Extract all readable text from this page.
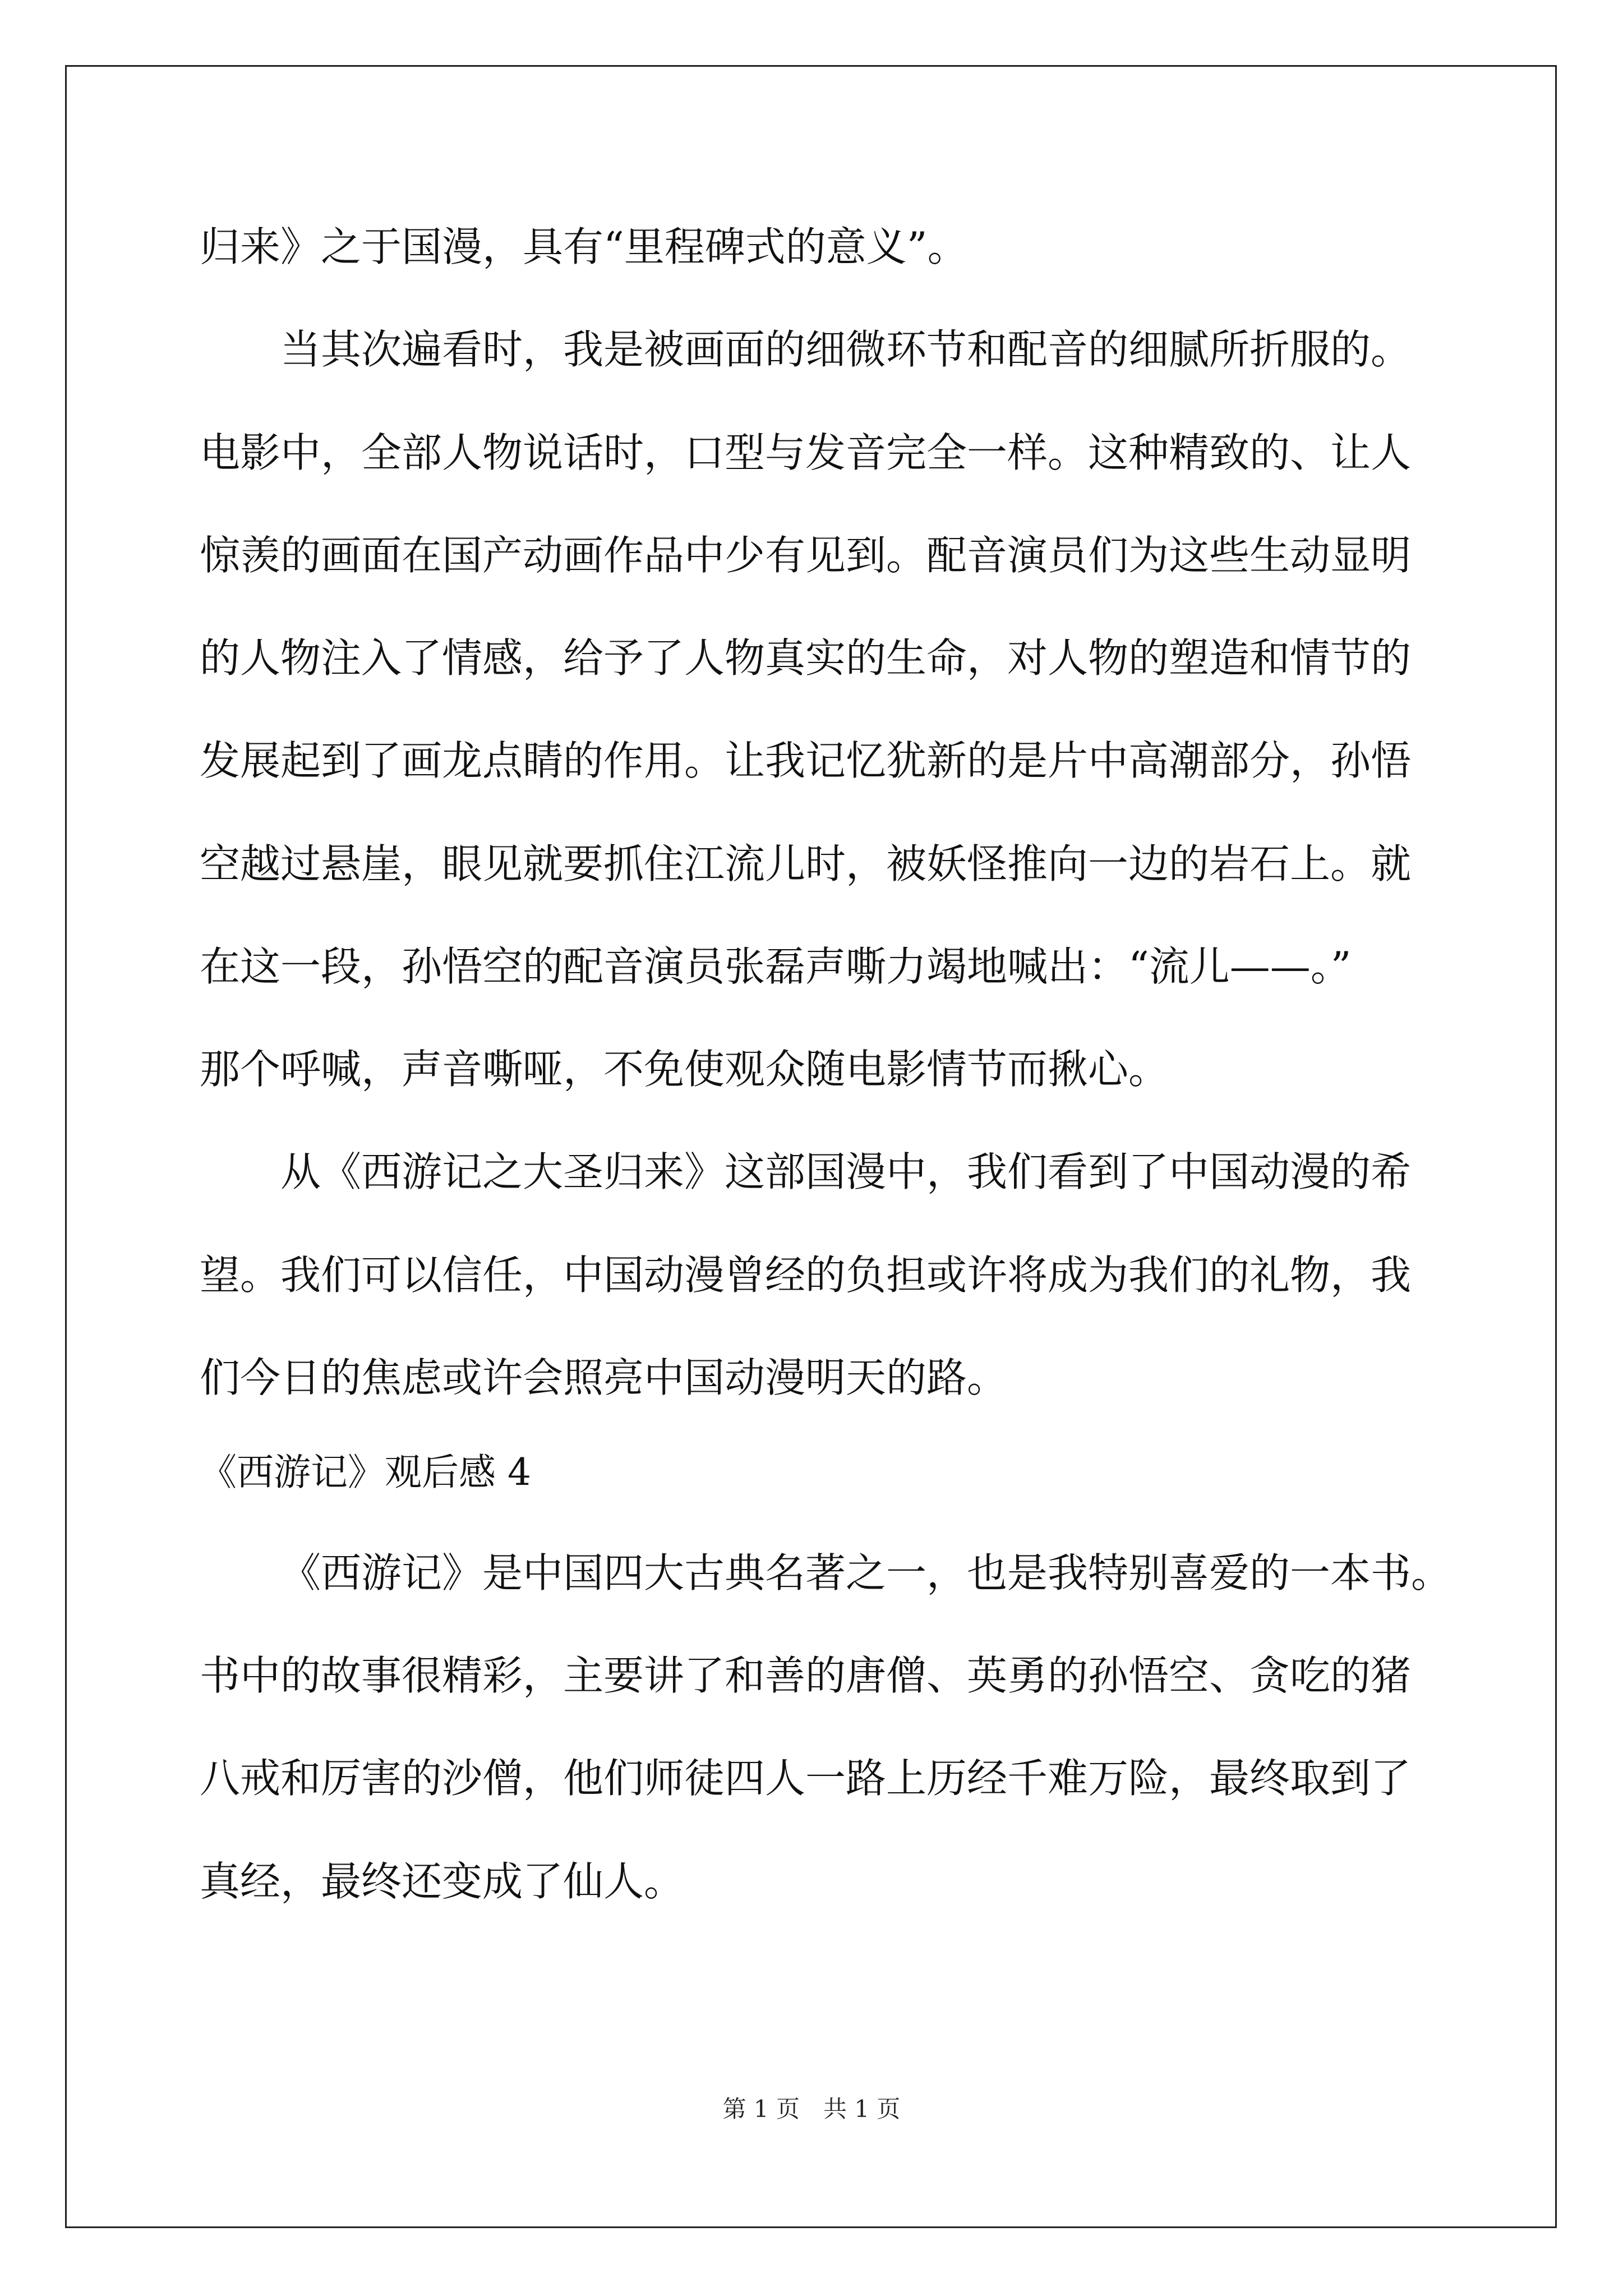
归来》之于国漫，具有“里程碑式的意义”。
当其次遍看时，我是被画面的细微环节和配音的细腻所折服的。
电影中，全部人物说话时，口型与发音完全一样。这种精致的、让人
惊羡的画面在国产动画作品中少有见到。配音演员们为这些生动显明
的人物注入了情感，给予了人物真实的生命，对人物的塑造和情节的
发展起到了画龙点睛的作用。让我记忆犹新的是片中高潮部分，孙悟
空越过悬崖，眼见就要抓住江流儿时，被妖怪推向一边的岩石上。就
在这一段，孙悟空的配音演员张磊声嘶力竭地喊出：“流儿——。”
那个呼喊，声音嘶哑，不免使观众随电影情节而揪心。
从《西游记之大圣归来》这部国漫中，我们看到了中国动漫的希
望。我们可以信任，中国动漫曾经的负担或许将成为我们的礼物，我
们今日的焦虑或许会照亮中国动漫明天的路。
《西游记》观后感 4
《西游记》是中国四大古典名著之一，也是我特别喜爱的一本书。
书中的故事很精彩，主要讲了和善的唐僧、英勇的孙悟空、贪吃的猪
八戒和厉害的沙僧，他们师徒四人一路上历经千难万险，最终取到了
真经，最终还变成了仙人。
第 1 页　共 1 页
